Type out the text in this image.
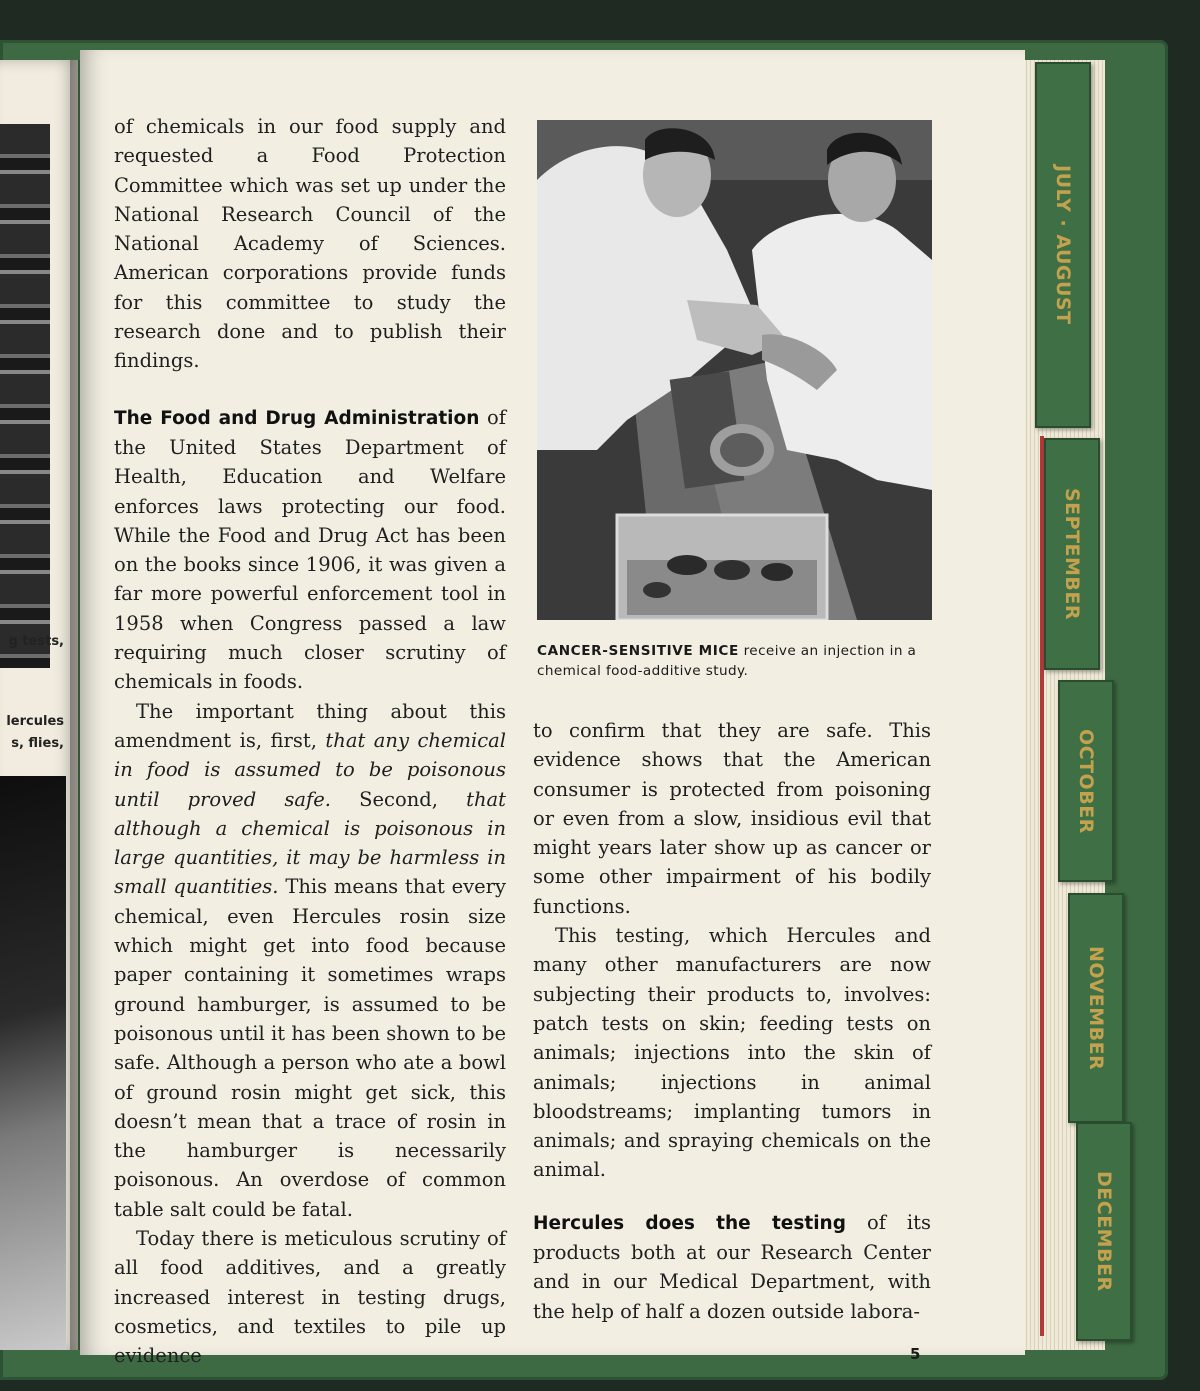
g tests,
lercules
s, flies,

of chemicals in our food supply and requested a Food Protection Committee which was set up under the National Research Council of the National Academy of Sciences. American corporations provide funds for this committee to study the research done and to publish their findings.

The Food and Drug Administration of the United States Department of Health, Education and Welfare enforces laws protecting our food. While the Food and Drug Act has been on the books since 1906, it was given a far more powerful enforcement tool in 1958 when Congress passed a law requiring much closer scrutiny of chemicals in foods.

The important thing about this amendment is, first, that any chemical in food is assumed to be poisonous until proved safe. Second, that although a chemical is poisonous in large quantities, it may be harmless in small quantities. This means that every chemical, even Hercules rosin size which might get into food because paper containing it sometimes wraps ground hamburger, is assumed to be poisonous until it has been shown to be safe. Although a person who ate a bowl of ground rosin might get sick, this doesn’t mean that a trace of rosin in the hamburger is necessarily poisonous. An overdose of common table salt could be fatal.

Today there is meticulous scrutiny of all food additives, and a greatly increased interest in testing drugs, cosmetics, and textiles to pile up evidence

CANCER-SENSITIVE MICE receive an injection in a chemical food-additive study.

to confirm that they are safe. This evidence shows that the American consumer is protected from poisoning or even from a slow, insidious evil that might years later show up as cancer or some other impairment of his bodily functions.

This testing, which Hercules and many other manufacturers are now subjecting their products to, involves: patch tests on skin; feeding tests on animals; injections into the skin of animals; injections in animal bloodstreams; implanting tumors in animals; and spraying chemicals on the animal.

Hercules does the testing of its products both at our Research Center and in our Medical Department, with the help of half a dozen outside labora-

5
JULY · AUGUST
SEPTEMBER
OCTOBER
NOVEMBER
DECEMBER
